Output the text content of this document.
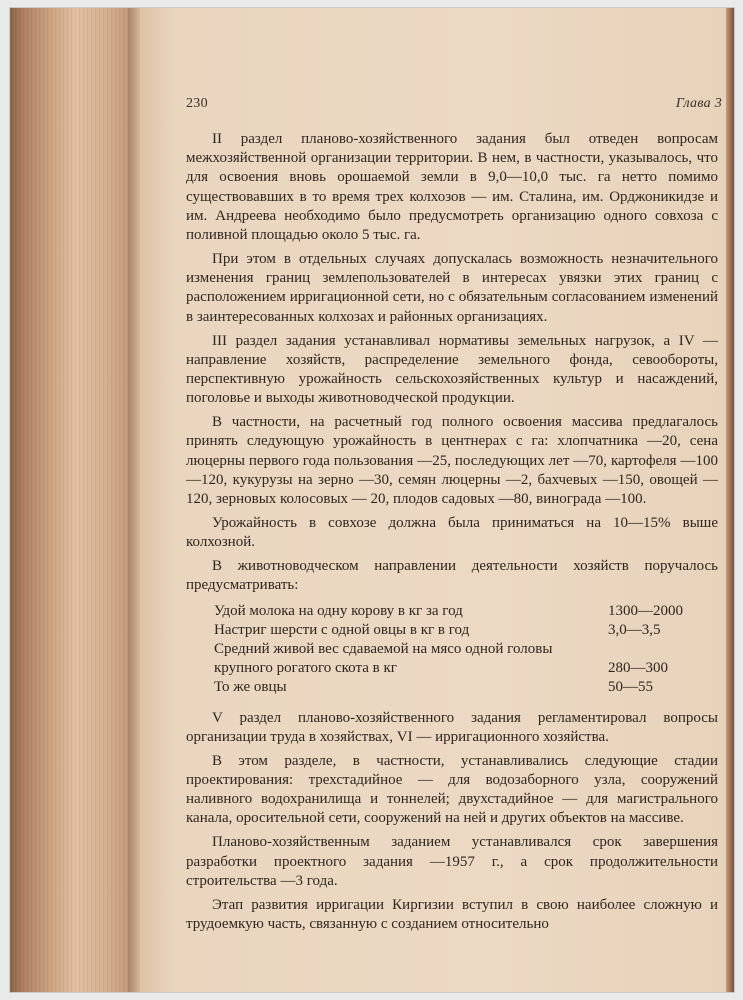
230	Глава 3

II раздел планово-хозяйственного задания был отведен вопросам межхозяйственной организации территории. В нем, в частности, указывалось, что для освоения вновь орошаемой земли в 9,0—10,0 тыс. га нетто помимо существовавших в то время трех колхозов — им. Сталина, им. Орджоникидзе и им. Андреева необходимо было предусмотреть организацию одного совхоза с поливной площадью около 5 тыс. га.

При этом в отдельных случаях допускалась возможность незначительного изменения границ землепользователей в интересах увязки этих границ с расположением ирригационной сети, но с обязательным согласованием изменений в заинтересованных колхозах и районных организациях.

III раздел задания устанавливал нормативы земельных нагрузок, а IV — направление хозяйств, распределение земельного фонда, севообороты, перспективную урожайность сельскохозяйственных культур и насаждений, поголовье и выходы животноводческой продукции.

В частности, на расчетный год полного освоения массива предлагалось принять следующую урожайность в центнерах с га: хлопчатника —20, сена люцерны первого года пользования —25, последующих лет —70, картофеля —100—120, кукурузы на зерно —30, семян люцерны —2, бахчевых —150, овощей —120, зерновых колосовых — 20, плодов садовых —80, винограда —100.

Урожайность в совхозе должна была приниматься на 10—15% выше колхозной.

В животноводческом направлении деятельности хозяйств поручалось предусматривать:

Удой молока на одну корову в кг за год	1300—2000
Настриг шерсти с одной овцы в кг в год	3,0—3,5
Средний живой вес сдаваемой на мясо одной головы крупного рогатого скота в кг	280—300
То же овцы	50—55

V раздел планово-хозяйственного задания регламентировал вопросы организации труда в хозяйствах, VI — ирригационного хозяйства.

В этом разделе, в частности, устанавливались следующие стадии проектирования: трехстадийное — для водозаборного узла, сооружений наливного водохранилища и тоннелей; двухстадийное — для магистрального канала, оросительной сети, сооружений на ней и других объектов на массиве.

Планово-хозяйственным заданием устанавливался срок завершения разработки проектного задания —1957 г., а срок продолжительности строительства —3 года.

Этап развития ирригации Киргизии вступил в свою наиболее сложную и трудоемкую часть, связанную с созданием относительно
